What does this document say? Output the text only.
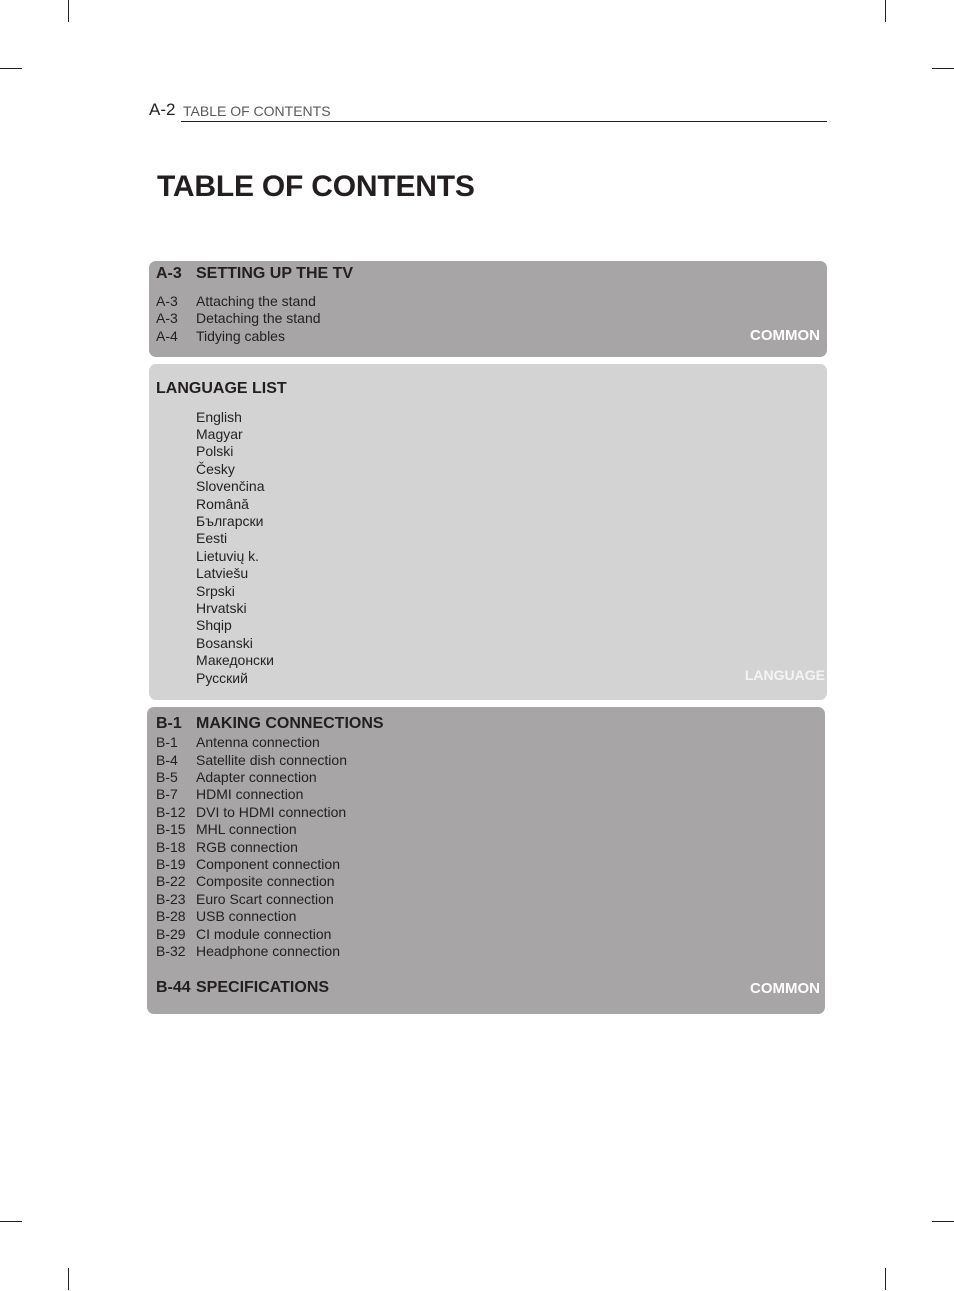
A-2 TABLE OF CONTENTS
TABLE OF CONTENTS
A-3 SETTING UP THE TV
A-3 Attaching the stand
A-3 Detaching the stand
A-4 Tidying cables	COMMON
LANGUAGE LIST
English
Magyar
Polski
Česky
Slovenčina
Română
Български
Eesti
Lietuvių k.
Latviešu
Srpski
Hrvatski
Shqip
Bosanski
Македонски
Русский	LANGUAGE
B-1 MAKING CONNECTIONS
B-1 Antenna connection
B-4 Satellite dish connection
B-5 Adapter connection
B-7 HDMI connection
B-12 DVI to HDMI connection
B-15 MHL connection
B-18 RGB connection
B-19 Component connection
B-22 Composite connection
B-23 Euro Scart connection
B-28 USB connection
B-29 CI module connection
B-32 Headphone connection
B-44 SPECIFICATIONS	COMMON
